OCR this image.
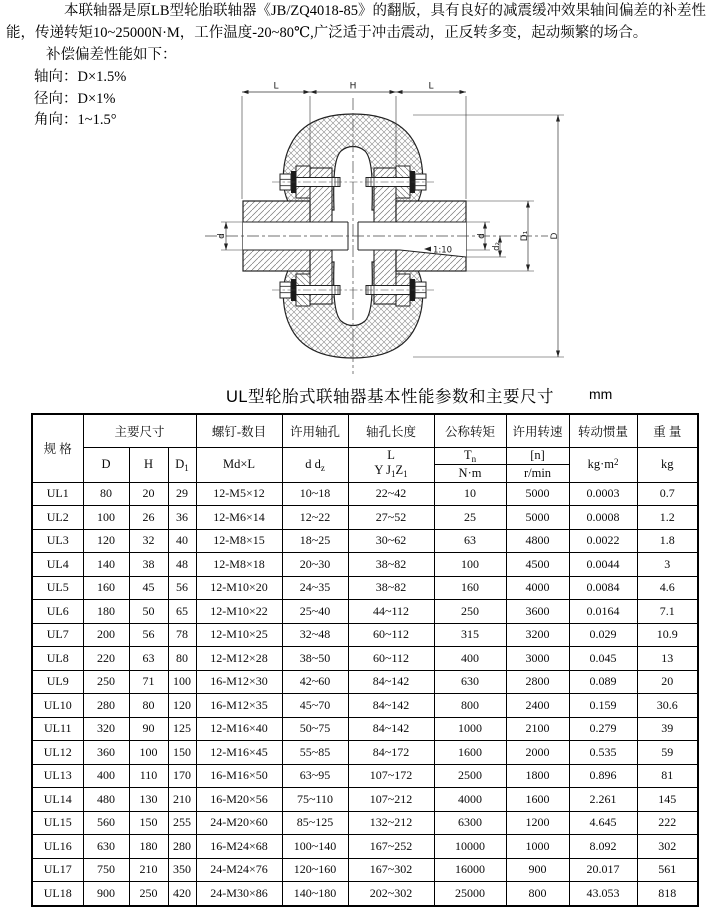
本联轴器是原LB型轮胎联轴器《JB/ZQ4018-85》的翻版，具有良好的减震缓冲效果轴间偏差的补差性
能，传递转矩10~25000N·M，工作温度-20~80℃,广泛适于冲击震动，正反转多变，起动频繁的场合。
补偿偏差性能如下：
轴向：D×1.5%
径向：D×1%
角向：1~1.5°
1:10
L	H	L
d	d
d₂
D₁ D
UL型轮胎式联轴器基本性能参数和主要尺寸	mm
规 格	主要尺寸			螺钉-数目	许用轴孔	轴孔长度	公称转矩	许用转速	转动惯量	重 量
	D	H	$D_1$	Md×L	d $d_z$	L
Y $J_1Z_1$	$T_n$	[n]	$kg\cdot m^2$	kg
							N·m	r/min		
UL1	80	20	29	12-M5×12	10~18	22~42	10	5000	0.0003	0.7
UL2	100	26	36	12-M6×14	12~22	27~52	25	5000	0.0008	1.2
UL3	120	32	40	12-M8×15	18~25	30~62	63	4800	0.0022	1.8
UL4	140	38	48	12-M8×18	20~30	38~82	100	4500	0.0044	3
UL5	160	45	56	12-M10×20	24~35	38~82	160	4000	0.0084	4.6
UL6	180	50	65	12-M10×22	25~40	44~112	250	3600	0.0164	7.1
UL7	200	56	78	12-M10×25	32~48	60~112	315	3200	0.029	10.9
UL8	220	63	80	12-M12×28	38~50	60~112	400	3000	0.045	13
UL9	250	71	100	16-M12×30	42~60	84~142	630	2800	0.089	20
UL10	280	80	120	16-M12×35	45~70	84~142	800	2400	0.159	30.6
UL11	320	90	125	12-M16×40	50~75	84~142	1000	2100	0.279	39
UL12	360	100	150	12-M16×45	55~85	84~172	1600	2000	0.535	59
UL13	400	110	170	16-M16×50	63~95	107~172	2500	1800	0.896	81
UL14	480	130	210	16-M20×56	75~110	107~212	4000	1600	2.261	145
UL15	560	150	255	24-M20×60	85~125	132~212	6300	1200	4.645	222
UL16	630	180	280	16-M24×68	100~140	167~252	10000	1000	8.092	302
UL17	750	210	350	24-M24×76	120~160	167~302	16000	900	20.017	561
UL18	900	250	420	24-M30×86	140~180	202~302	25000	800	43.053	818
